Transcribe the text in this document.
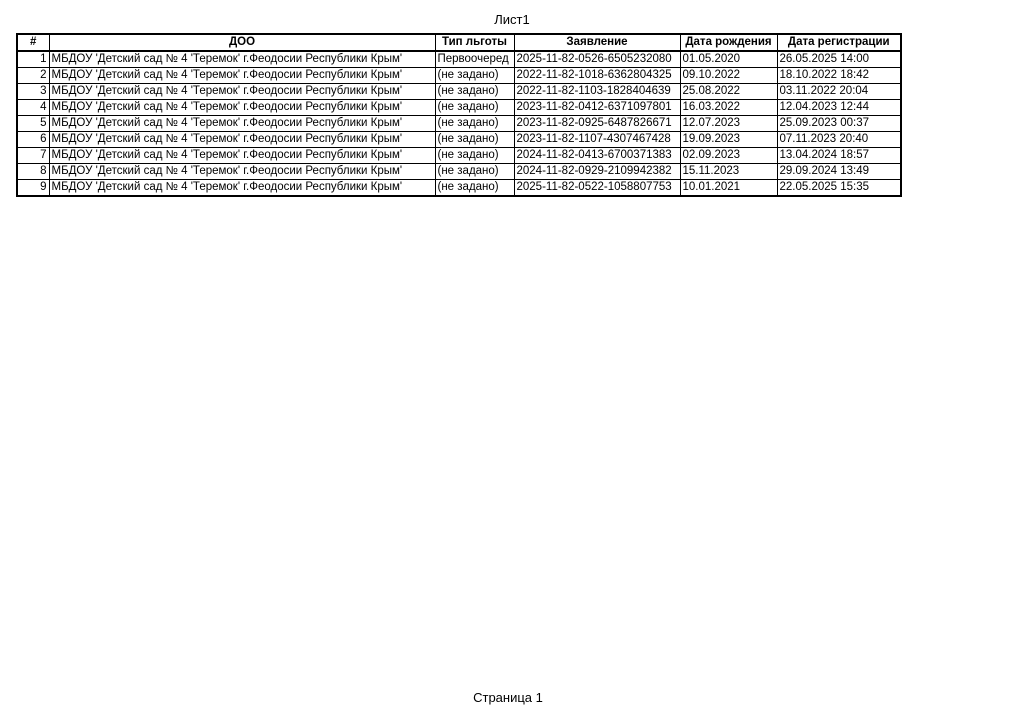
Лист1
#	ДОО	Тип льготы	Заявление	Дата рождения	Дата регистрации
1	МБДОУ 'Детский сад № 4 'Теремок' г.Феодосии Республики Крым'	Первоочеред	2025-11-82-0526-6505232080	01.05.2020	26.05.2025 14:00
2	МБДОУ 'Детский сад № 4 'Теремок' г.Феодосии Республики Крым'	(не задано)	2022-11-82-1018-6362804325	09.10.2022	18.10.2022 18:42
3	МБДОУ 'Детский сад № 4 'Теремок' г.Феодосии Республики Крым'	(не задано)	2022-11-82-1103-1828404639	25.08.2022	03.11.2022 20:04
4	МБДОУ 'Детский сад № 4 'Теремок' г.Феодосии Республики Крым'	(не задано)	2023-11-82-0412-6371097801	16.03.2022	12.04.2023 12:44
5	МБДОУ 'Детский сад № 4 'Теремок' г.Феодосии Республики Крым'	(не задано)	2023-11-82-0925-6487826671	12.07.2023	25.09.2023 00:37
6	МБДОУ 'Детский сад № 4 'Теремок' г.Феодосии Республики Крым'	(не задано)	2023-11-82-1107-4307467428	19.09.2023	07.11.2023 20:40
7	МБДОУ 'Детский сад № 4 'Теремок' г.Феодосии Республики Крым'	(не задано)	2024-11-82-0413-6700371383	02.09.2023	13.04.2024 18:57
8	МБДОУ 'Детский сад № 4 'Теремок' г.Феодосии Республики Крым'	(не задано)	2024-11-82-0929-2109942382	15.11.2023	29.09.2024 13:49
9	МБДОУ 'Детский сад № 4 'Теремок' г.Феодосии Республики Крым'	(не задано)	2025-11-82-0522-1058807753	10.01.2021	22.05.2025 15:35
Страница 1
